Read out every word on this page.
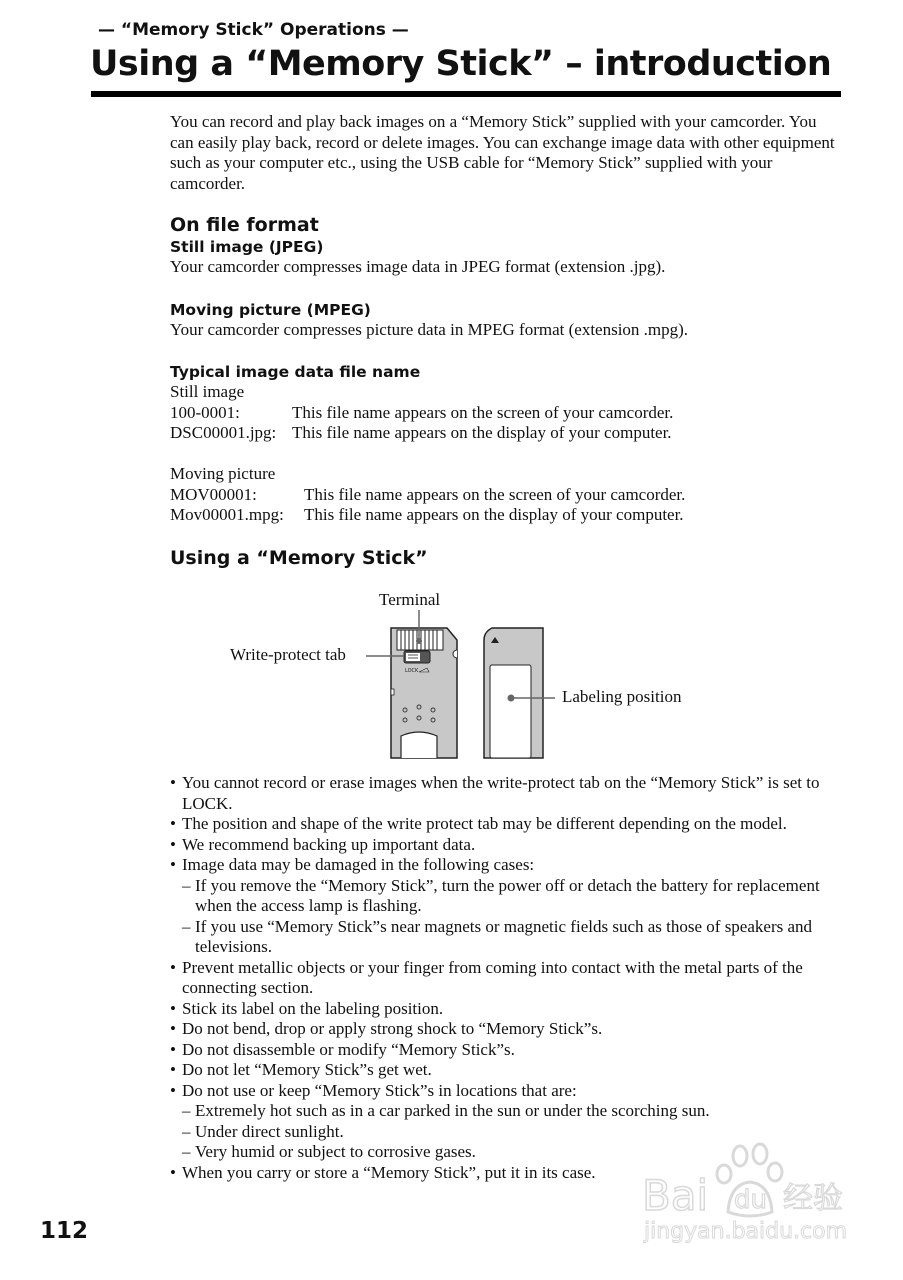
— “Memory Stick” Operations —
Using a “Memory Stick” – introduction

You can record and play back images on a “Memory Stick” supplied with your camcorder. You can easily play back, record or delete images. You can exchange image data with other equipment such as your computer etc., using the USB cable for “Memory Stick” supplied with your camcorder.

On file format
Still image (JPEG)

Your camcorder compresses image data in JPEG format (extension .jpg).

Moving picture (MPEG)

Your camcorder compresses picture data in MPEG format (extension .mpg).

Typical image data file name

Still image

100-0001:	This file name appears on the screen of your camcorder.
DSC00001.jpg: This file name appears on the display of your computer.

Moving picture

MOV00001:	This file name appears on the screen of your camcorder.
Mov00001.mpg:	This file name appears on the display of your computer.
Using a “Memory Stick”
Terminal
Write-protect tab
Labeling position
LOCK

• You cannot record or erase images when the write-protect tab on the “Memory Stick” is set to LOCK.

• The position and shape of the write protect tab may be different depending on the model.

• We recommend backing up important data.

• Image data may be damaged in the following cases:

– If you remove the “Memory Stick”, turn the power off or detach the battery for replacement when the access lamp is flashing.

– If you use “Memory Stick”s near magnets or magnetic fields such as those of speakers and televisions.

• Prevent metallic objects or your finger from coming into contact with the metal parts of the connecting section.

• Stick its label on the labeling position.

• Do not bend, drop or apply strong shock to “Memory Stick”s.

• Do not disassemble or modify “Memory Stick”s.

• Do not let “Memory Stick”s get wet.

• Do not use or keep “Memory Stick”s in locations that are:

– Extremely hot such as in a car parked in the sun or under the scorching sun.

– Under direct sunlight.

– Very humid or subject to corrosive gases.

• When you carry or store a “Memory Stick”, put it in its case.

112
Bai du 经验
jingyan.baidu.com
